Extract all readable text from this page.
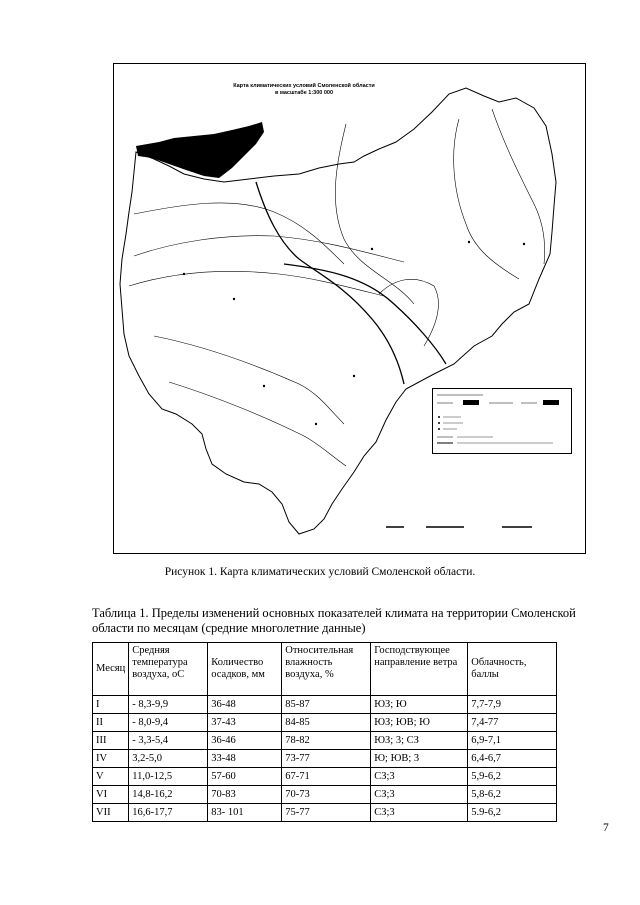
Карта климатических условий Смоленской области
в масштабе 1:300 000
Рисунок 1. Карта климатических условий Смоленской области.
Таблица 1. Пределы изменений основных показателей климата на территории Смоленской области по месяцам (средние многолетние данные)
Месяц	Средняя температура воздуха, оС	Количество осадков, мм	Относительная влажность воздуха, %	Господствующее направление ветра	Облачность, баллы
I	- 8,3-9,9	36-48	85-87	ЮЗ; Ю	7,7-7,9
II	- 8,0-9,4	37-43	84-85	ЮЗ; ЮВ; Ю	7,4-77
III	- 3,3-5,4	36-46	78-82	ЮЗ; 3; СЗ	6,9-7,1
IV	3,2-5,0	33-48	73-77	Ю; ЮВ; 3	6,4-6,7
V	11,0-12,5	57-60	67-71	СЗ;3	5,9-6,2
VI	14,8-16,2	70-83	70-73	СЗ;3	5,8-6,2
VII	16,6-17,7	83- 101	75-77	СЗ;3	5.9-6,2
7
